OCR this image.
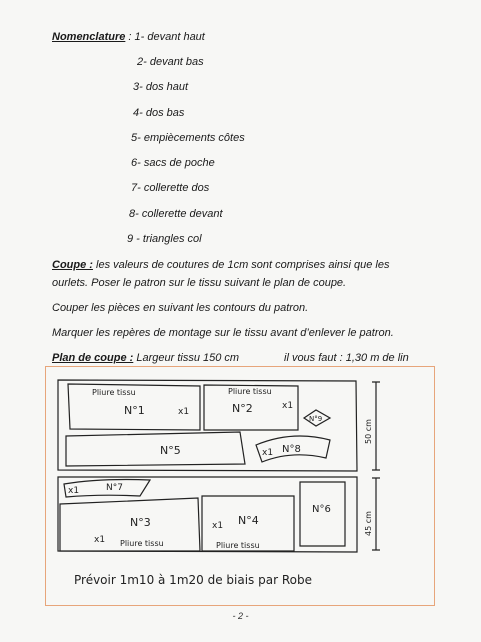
Nomenclature : 1- devant haut
2- devant bas
3- dos haut
4- dos bas
5- empiècements côtes
6- sacs de poche
7- collerette dos
8- collerette devant
9 - triangles col
Coupe : les valeurs de coutures de 1cm sont comprises ainsi que les
ourlets. Poser le patron sur le tissu suivant le plan de coupe.
Couper les pièces en suivant les contours du patron.
Marquer les repères de montage sur le tissu avant d’enlever le patron.
Plan de coupe : Largeur tissu 150 cm	il vous faut : 1,30 m de lin
N°1	x1
Pliure tissu
N°2	x1
Pliure tissu
N°5	N°8
x1
N°9
N°7
x1
N°3
x1 Pliure tissu
N°4
x1
Pliure tissu
N°6
50 cm
45 cm
Prévoir 1m10 à 1m20 de biais par Robe
- 2 -
